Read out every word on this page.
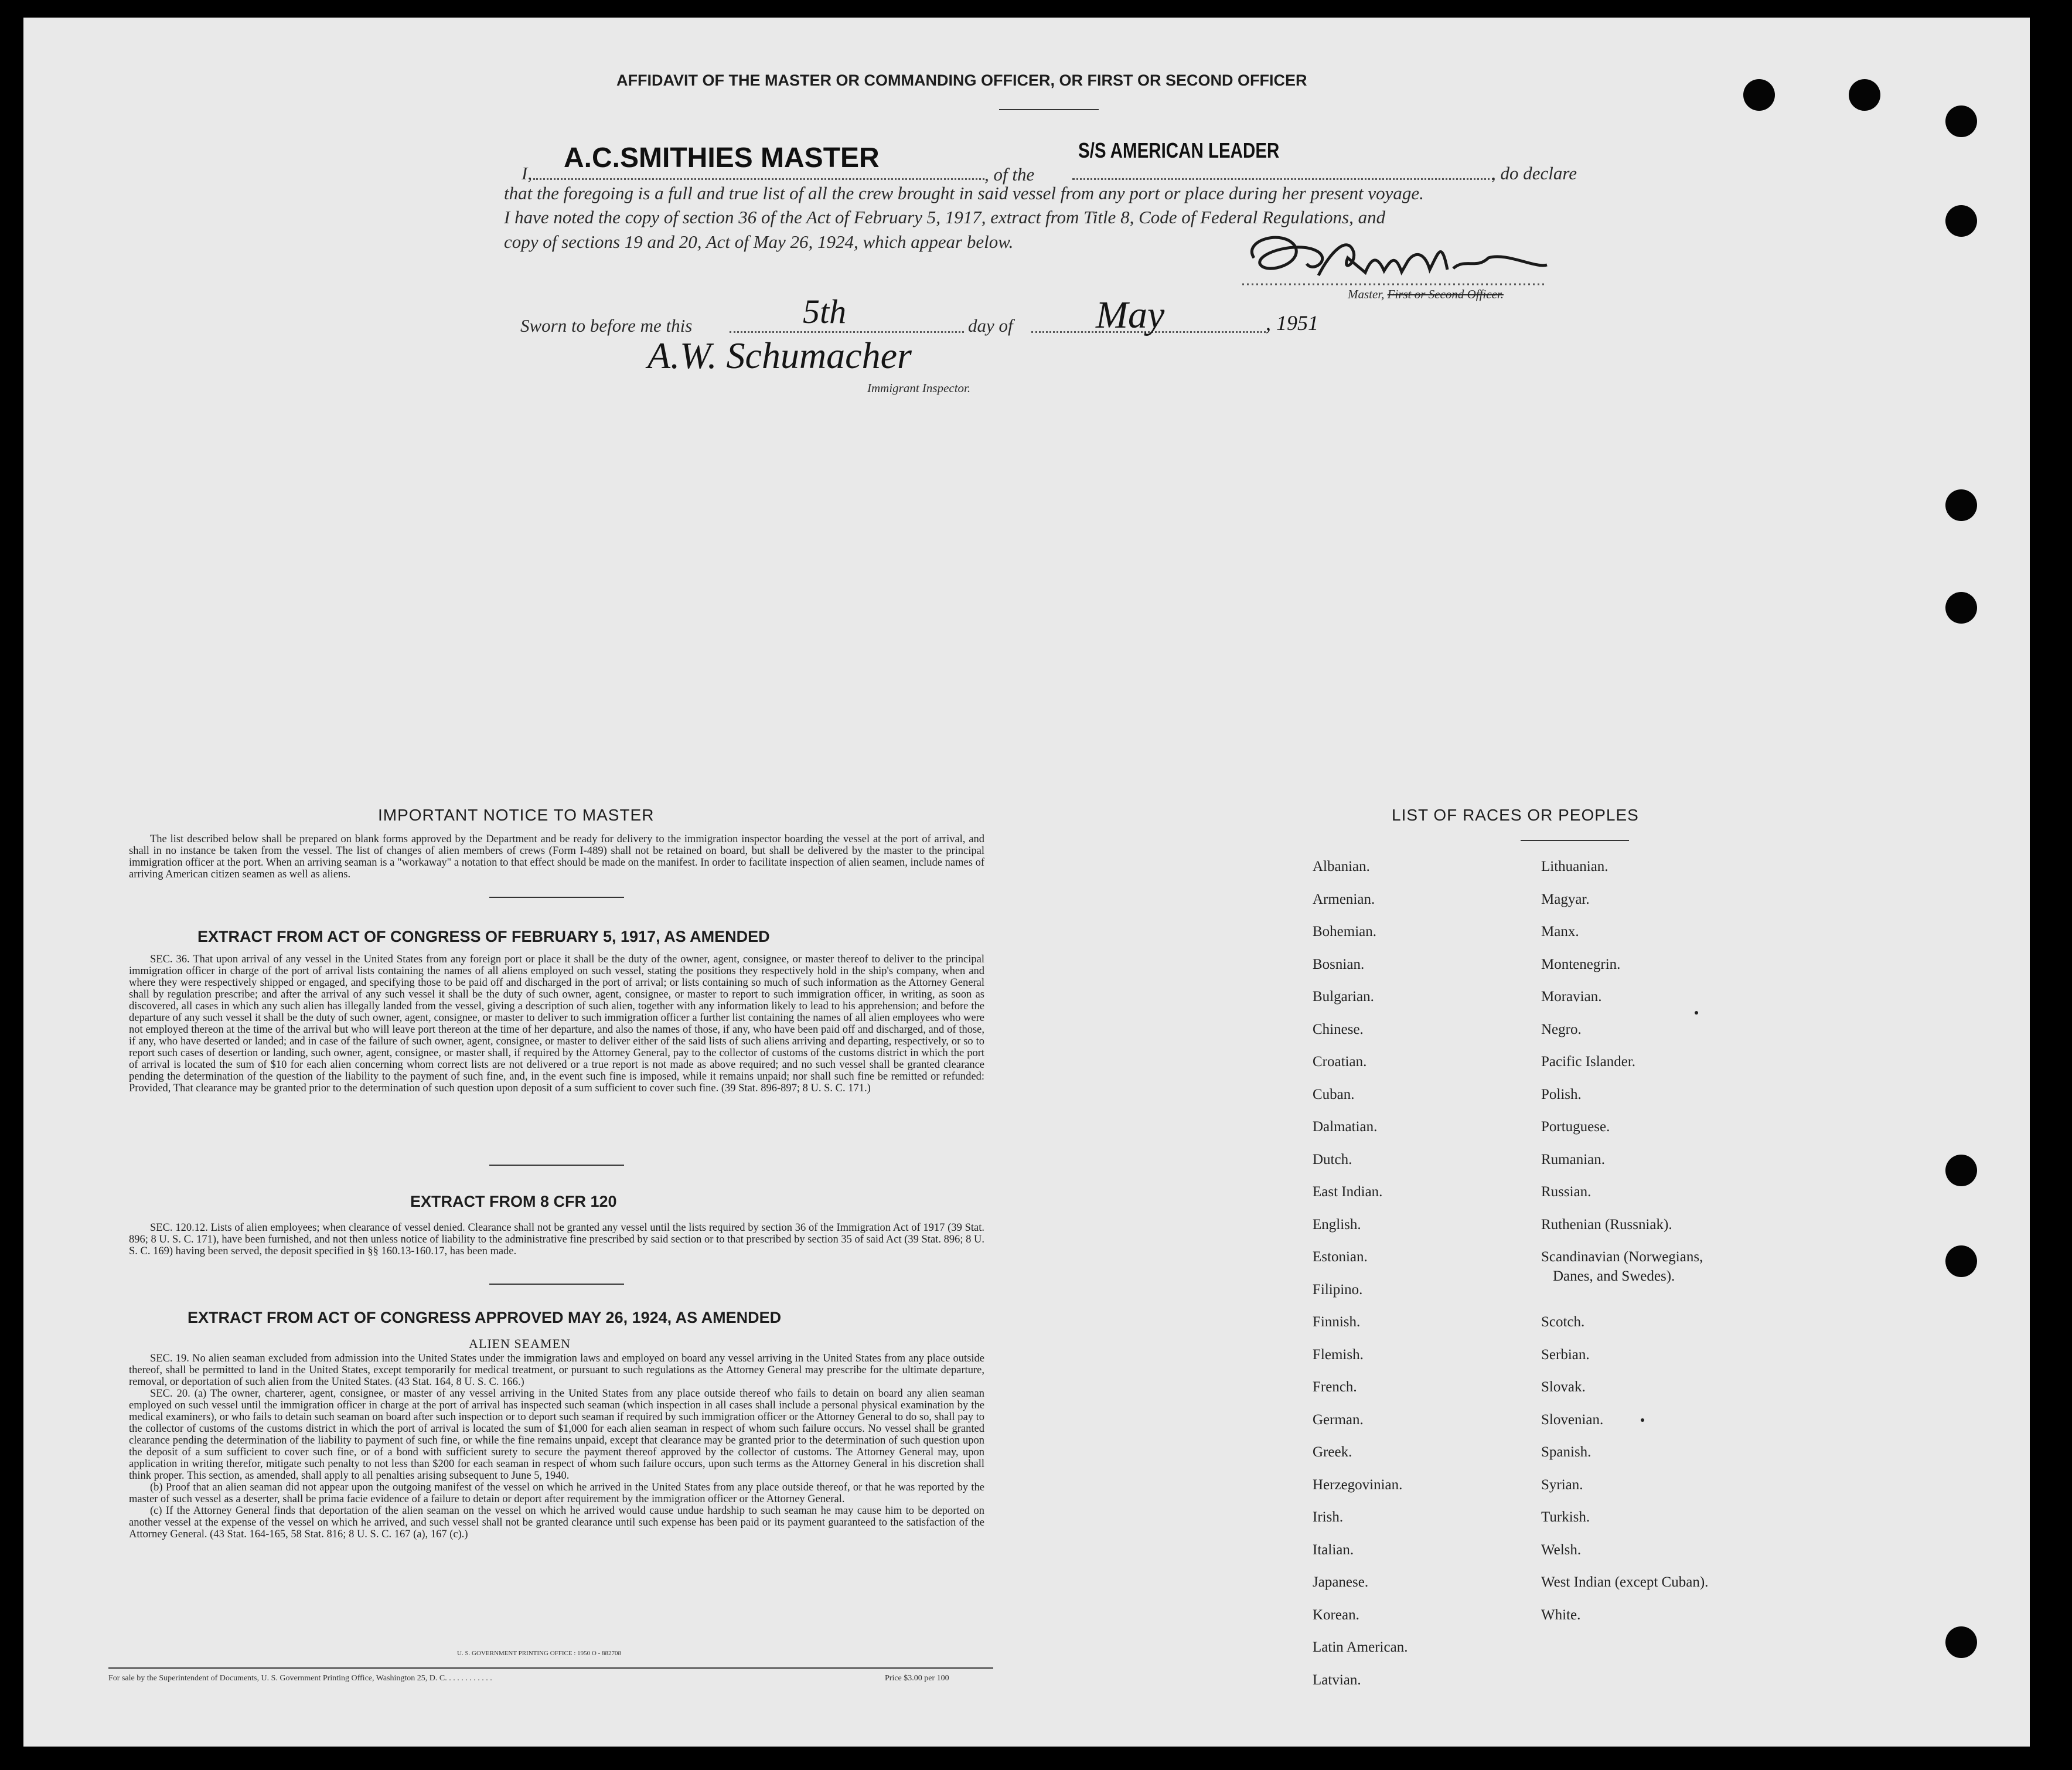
AFFIDAVIT OF THE MASTER OR COMMANDING OFFICER, OR FIRST OR SECOND OFFICER
I, A.C.SMITHIES MASTER
, of the
S/S AMERICAN LEADER
, do declare
that the foregoing is a full and true list of all the crew brought in said vessel from any port or place during her present voyage.
I have noted the copy of section 36 of the Act of February 5, 1917, extract from Title 8, Code of Federal Regulations, and
copy of sections 19 and 20, Act of May 26, 1924, which appear below.
Master, First or Second Officer.
Sworn to before me this	5th	day of May	, 1951
A.W. Schumacher
Immigrant Inspector.
IMPORTANT NOTICE TO MASTER

The list described below shall be prepared on blank forms approved by the Department and be ready for delivery to the immigration inspector boarding the vessel at the port of arrival, and shall in no instance be taken from the vessel. The list of changes of alien members of crews (Form I-489) shall not be retained on board, but shall be delivered by the master to the principal immigration officer at the port. When an arriving seaman is a "workaway" a notation to that effect should be made on the manifest. In order to facilitate inspection of alien seamen, include names of arriving American citizen seamen as well as aliens.

EXTRACT FROM ACT OF CONGRESS OF FEBRUARY 5, 1917, AS AMENDED

SEC. 36. That upon arrival of any vessel in the United States from any foreign port or place it shall be the duty of the owner, agent, consignee, or master thereof to deliver to the principal immigration officer in charge of the port of arrival lists containing the names of all aliens employed on such vessel, stating the positions they respectively hold in the ship's company, when and where they were respectively shipped or engaged, and specifying those to be paid off and discharged in the port of arrival; or lists containing so much of such information as the Attorney General shall by regulation prescribe; and after the arrival of any such vessel it shall be the duty of such owner, agent, consignee, or master to report to such immigration officer, in writing, as soon as discovered, all cases in which any such alien has illegally landed from the vessel, giving a description of such alien, together with any information likely to lead to his apprehension; and before the departure of any such vessel it shall be the duty of such owner, agent, consignee, or master to deliver to such immigration officer a further list containing the names of all alien employees who were not employed thereon at the time of the arrival but who will leave port thereon at the time of her departure, and also the names of those, if any, who have been paid off and discharged, and of those, if any, who have deserted or landed; and in case of the failure of such owner, agent, consignee, or master to deliver either of the said lists of such aliens arriving and departing, respectively, or so to report such cases of desertion or landing, such owner, agent, consignee, or master shall, if required by the Attorney General, pay to the collector of customs of the customs district in which the port of arrival is located the sum of $10 for each alien concerning whom correct lists are not delivered or a true report is not made as above required; and no such vessel shall be granted clearance pending the determination of the question of the liability to the payment of such fine, and, in the event such fine is imposed, while it remains unpaid; nor shall such fine be remitted or refunded: Provided, That clearance may be granted prior to the determination of such question upon deposit of a sum sufficient to cover such fine. (39 Stat. 896-897; 8 U. S. C. 171.)

EXTRACT FROM 8 CFR 120

SEC. 120.12. Lists of alien employees; when clearance of vessel denied. Clearance shall not be granted any vessel until the lists required by section 36 of the Immigration Act of 1917 (39 Stat. 896; 8 U. S. C. 171), have been furnished, and not then unless notice of liability to the administrative fine prescribed by said section or to that prescribed by section 35 of said Act (39 Stat. 896; 8 U. S. C. 169) having been served, the deposit specified in §§ 160.13-160.17, has been made.

EXTRACT FROM ACT OF CONGRESS APPROVED MAY 26, 1924, AS AMENDED
ALIEN SEAMEN

SEC. 19. No alien seaman excluded from admission into the United States under the immigration laws and employed on board any vessel arriving in the United States from any place outside thereof, shall be permitted to land in the United States, except temporarily for medical treatment, or pursuant to such regulations as the Attorney General may prescribe for the ultimate departure, removal, or deportation of such alien from the United States. (43 Stat. 164, 8 U. S. C. 166.)

SEC. 20. (a) The owner, charterer, agent, consignee, or master of any vessel arriving in the United States from any place outside thereof who fails to detain on board any alien seaman employed on such vessel until the immigration officer in charge at the port of arrival has inspected such seaman (which inspection in all cases shall include a personal physical examination by the medical examiners), or who fails to detain such seaman on board after such inspection or to deport such seaman if required by such immigration officer or the Attorney General to do so, shall pay to the collector of customs of the customs district in which the port of arrival is located the sum of $1,000 for each alien seaman in respect of whom such failure occurs. No vessel shall be granted clearance pending the determination of the liability to payment of such fine, or while the fine remains unpaid, except that clearance may be granted prior to the determination of such question upon the deposit of a sum sufficient to cover such fine, or of a bond with sufficient surety to secure the payment thereof approved by the collector of customs. The Attorney General may, upon application in writing therefor, mitigate such penalty to not less than $200 for each seaman in respect of whom such failure occurs, upon such terms as the Attorney General in his discretion shall think proper. This section, as amended, shall apply to all penalties arising subsequent to June 5, 1940.

(b) Proof that an alien seaman did not appear upon the outgoing manifest of the vessel on which he arrived in the United States from any place outside thereof, or that he was reported by the master of such vessel as a deserter, shall be prima facie evidence of a failure to detain or deport after requirement by the immigration officer or the Attorney General.

(c) If the Attorney General finds that deportation of the alien seaman on the vessel on which he arrived would cause undue hardship to such seaman he may cause him to be deported on another vessel at the expense of the vessel on which he arrived, and such vessel shall not be granted clearance until such expense has been paid or its payment guaranteed to the satisfaction of the Attorney General. (43 Stat. 164-165, 58 Stat. 816; 8 U. S. C. 167 (a), 167 (c).)

U. S. GOVERNMENT PRINTING OFFICE : 1950 O - 882708
For sale by the Superintendent of Documents, U. S. Government Printing Office, Washington 25, D. C. . . . . . . . . . . .	Price $3.00 per 100
LIST OF RACES OR PEOPLES
Albanian.
Armenian.
Bohemian.
Bosnian.
Bulgarian.
Chinese.
Croatian.
Cuban.
Dalmatian.
Dutch.
East Indian.
English.
Estonian.
Filipino.
Finnish.
Flemish.
French.
German.
Greek.
Herzegovinian.
Irish.
Italian.
Japanese.
Korean.
Lithuanian.
Magyar.
Manx.
Montenegrin.
Moravian.
Negro.
Pacific Islander.
Polish.
Portuguese.
Rumanian.
Russian.
Ruthenian (Russniak).
Danes, and Swedes).
Scandinavian (Norwegians,
Scotch.
Serbian.
Slovak.
Slovenian.
Spanish.
Syrian.
Turkish.
Welsh.
West Indian (except Cuban).
White.
Latin American.
Latvian.
